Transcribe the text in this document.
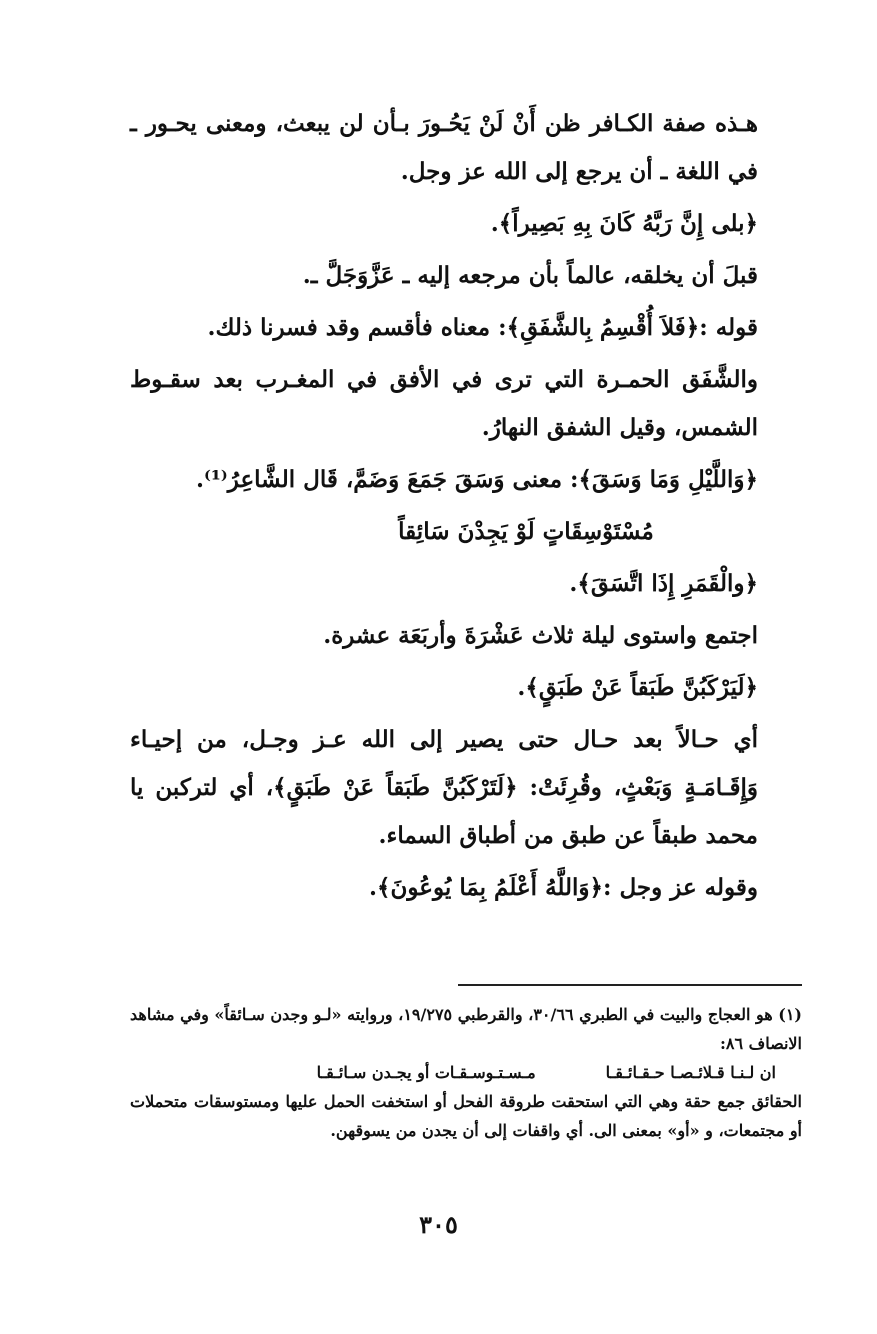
هـذه صفة الكـافر ظن أَنْ لَنْ يَحُـورَ بـأن لن يبعث، ومعنى يحـور ـ في اللغة ـ أن يرجع إلى الله عز وجل.

﴿بلى إِنَّ رَبَّهُ كَانَ بِهِ بَصِيراً﴾.

قبلَ أن يخلقه، عالماً بأن مرجعه إليه ـ عَزَّوَجَلَّ ـ.

قوله :﴿فَلاَ أُقْسِمُ بِالشَّفَقِ﴾: معناه فأقسم وقد فسرنا ذلك.

والشَّفَق الحمـرة التي ترى في الأفق في المغـرب بعد سقـوط الشمس، وقيل الشفق النهارُ.

﴿وَاللَّيْلِ وَمَا وَسَقَ﴾: معنى وَسَقَ جَمَعَ وَضَمَّ، قَال الشَّاعِرُ⁽¹⁾.

مُسْتَوْسِقَاتٍ لَوْ يَجِدْنَ سَائِقاً

﴿والْقَمَرِ إِذَا اتَّسَقَ﴾.

اجتمع واستوى ليلة ثلاث عَشْرَةَ وأربَعَة عشرة.

﴿لَيَرْكَبُنَّ طَبَقاً عَنْ طَبَقٍ﴾.

أي حـالاً بعد حـال حتى يصير إلى الله عـز وجـل، من إحيـاء وَإِقَـامَـةٍ وَبَعْثٍ، وقُرِئَتْ: ﴿لَتَرْكَبُنَّ طَبَقاً عَنْ طَبَقٍ﴾، أي لتركبن يا محمد طبقاً عن طبق من أطباق السماء.

وقوله عز وجل :﴿وَاللَّهُ أَعْلَمُ بِمَا يُوعُونَ﴾.

(١) هو العجاج والبيت في الطبري ٣٠/٦٦، والقرطبي ١٩/٢٧٥، وروايته «لـو وجدن سـائقاً» وفي مشاهد الانصاف ٨٦:

ان لـنـا قـلائـصـا حـقـائـقـا
مـسـتـوسـقـات أو يجـدن سـائـقـا

الحقائق جمع حقة وهي التي استحقت طروقة الفحل أو استخفت الحمل عليها ومستوسقات متحملات أو مجتمعات، و «أو» بمعنى الى. أي واقفات إلى أن يجدن من يسوقهن.

٣٠٥
